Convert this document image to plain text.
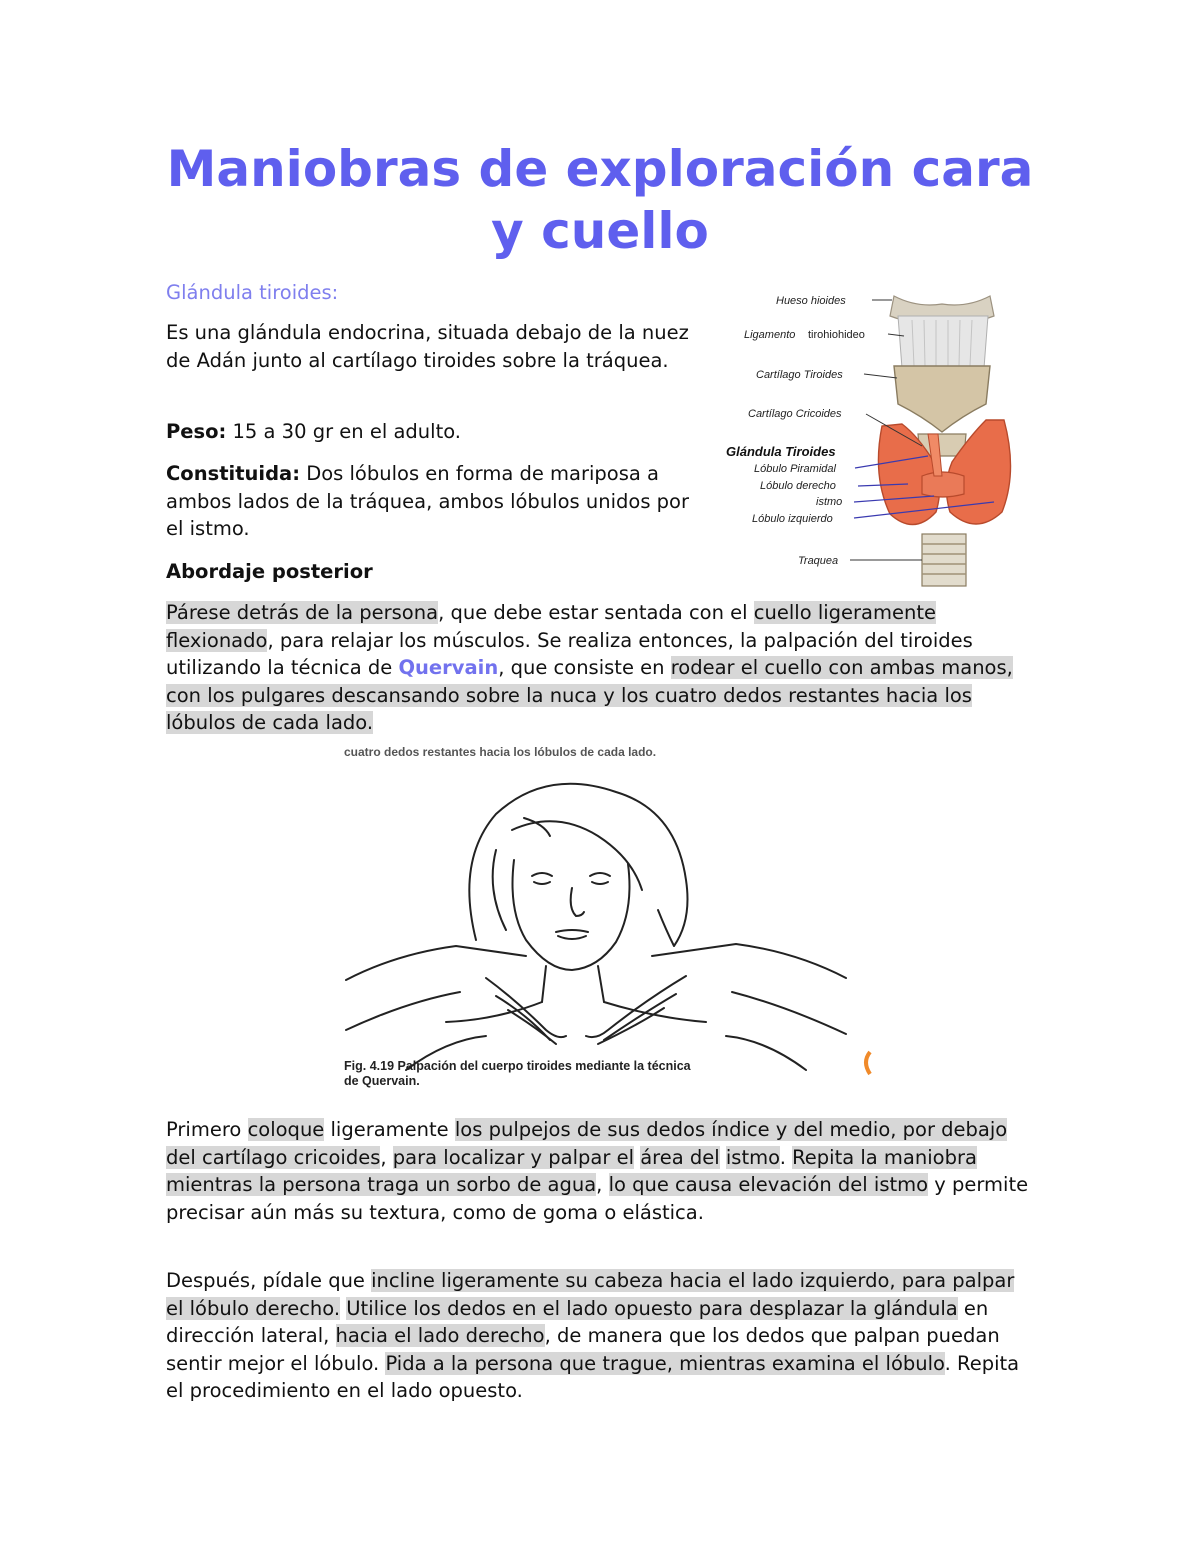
Maniobras de exploración cara
y cuello

Glándula tiroides:

Es una glándula endocrina, situada debajo de la nuez de Adán junto al cartílago tiroides sobre la tráquea.

Peso: 15 a 30 gr en el adulto.

Constituida: Dos lóbulos en forma de mariposa a ambos lados de la tráquea, ambos lóbulos unidos por el istmo.

Abordaje posterior

Párese detrás de la persona, que debe estar sentada con el cuello ligeramente flexionado, para relajar los músculos. Se realiza entonces, la palpación del tiroides utilizando la técnica de Quervain, que consiste en rodear el cuello con ambas manos, con los pulgares descansando sobre la nuca y los cuatro dedos restantes hacia los lóbulos de cada lado.

Hueso hioides
Ligamento tirohiohideo
Cartílago Tiroides
Cartílago Cricoides
Glándula Tiroides
Lóbulo Piramidal
Lóbulo derecho
istmo
Lóbulo izquierdo
Traquea
cuatro dedos restantes hacia los lóbulos de cada lado.
Fig. 4.19 Palpación del cuerpo tiroides mediante la técnica
de Quervain.

Primero coloque ligeramente los pulpejos de sus dedos índice y del medio, por debajo del cartílago cricoides, para localizar y palpar el área del istmo. Repita la maniobra mientras la persona traga un sorbo de agua, lo que causa elevación del istmo y permite precisar aún más su textura, como de goma o elástica.

Después, pídale que incline ligeramente su cabeza hacia el lado izquierdo, para palpar el lóbulo derecho. Utilice los dedos en el lado opuesto para desplazar la glándula en dirección lateral, hacia el lado derecho, de manera que los dedos que palpan puedan sentir mejor el lóbulo. Pida a la persona que trague, mientras examina el lóbulo. Repita el procedimiento en el lado opuesto.
